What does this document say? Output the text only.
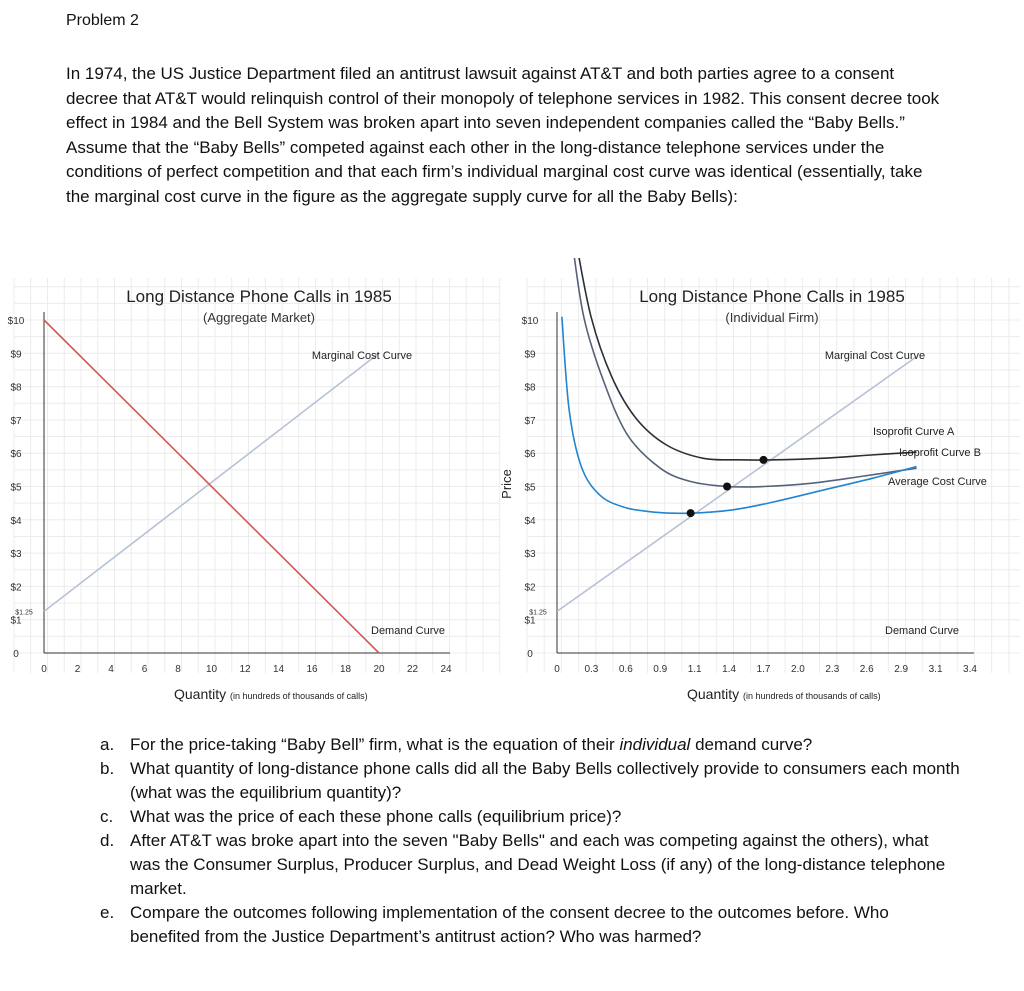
Problem 2

In 1974, the US Justice Department filed an antitrust lawsuit against AT&T and both parties agree to a consent decree that AT&T would relinquish control of their monopoly of telephone services in 1982. This consent decree took effect in 1984 and the Bell System was broken apart into seven independent companies called the “Baby Bells.” Assume that the “Baby Bells” competed against each other in the long-distance telephone services under the conditions of perfect competition and that each firm’s individual marginal cost curve was identical (essentially, take the marginal cost curve in the figure as the aggregate supply curve for all the Baby Bells):

0
$1
$2
$3
$4
$5
$6
$7
$8
$9
$10
$1.25
0	2	4	6	8	10 12 14 16 18 20 22 24
Long Distance Phone Calls in 1985
(Aggregate Market)
Marginal Cost Curve
Demand Curve
Quantity (in hundreds of thousands of calls)
0
$1
$2
$3
$4
$5
$6
$7
$8
$9
$10
$1.25
0 0.3 0.6 0.9 1.1 1.4 1.7 2.0 2.3 2.6 2.9 3.1 3.4
Long Distance Phone Calls in 1985
(Individual Firm)
Price
Marginal Cost Curve
Isoprofit Curve A
Isoprofit Curve B
Average Cost Curve
Demand Curve
Quantity (in hundreds of thousands of calls)
a. For the price-taking “Baby Bell” firm, what is the equation of their individual demand curve?
b. What quantity of long-distance phone calls did all the Baby Bells collectively provide to consumers each month (what was the equilibrium quantity)?
c. What was the price of each these phone calls (equilibrium price)?
d. After AT&T was broke apart into the seven "Baby Bells" and each was competing against the others), what was the Consumer Surplus, Producer Surplus, and Dead Weight Loss (if any) of the long-distance telephone market.
e. Compare the outcomes following implementation of the consent decree to the outcomes before. Who benefited from the Justice Department’s antitrust action? Who was harmed?
